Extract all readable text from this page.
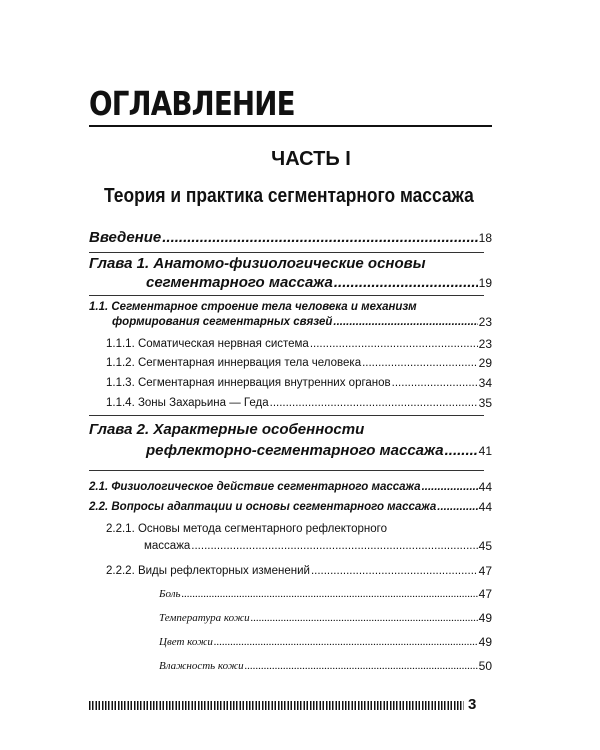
ОГЛАВЛЕНИЕ
ЧАСТЬ I
Теория и практика сегментарного массажа
Введение .....	18
Глава 1. Анатомо-физиологические основы
сегментарного массажа .....	19
1.1. Сегментарное строение тела человека и механизм
формирования сегментарных связей .....	23
1.1.1. Соматическая нервная система .....	23
1.1.2. Сегментарная иннервация тела человека .....	29
1.1.3. Сегментарная иннервация внутренних органов .....	34
1.1.4. Зоны Захарьина — Геда .....	35
Глава 2. Характерные особенности
рефлекторно-сегментарного массажа .....	41
2.1. Физиологическое действие сегментарного массажа .....	44
2.2. Вопросы адаптации и основы сегментарного массажа .....	44
2.2.1. Основы метода сегментарного рефлекторного
массажа .....	45
2.2.2. Виды рефлекторных изменений .....	47
Боль .....	47
Температура кожи .....	49
Цвет кожи .....	49
Влажность кожи .....	50
3
